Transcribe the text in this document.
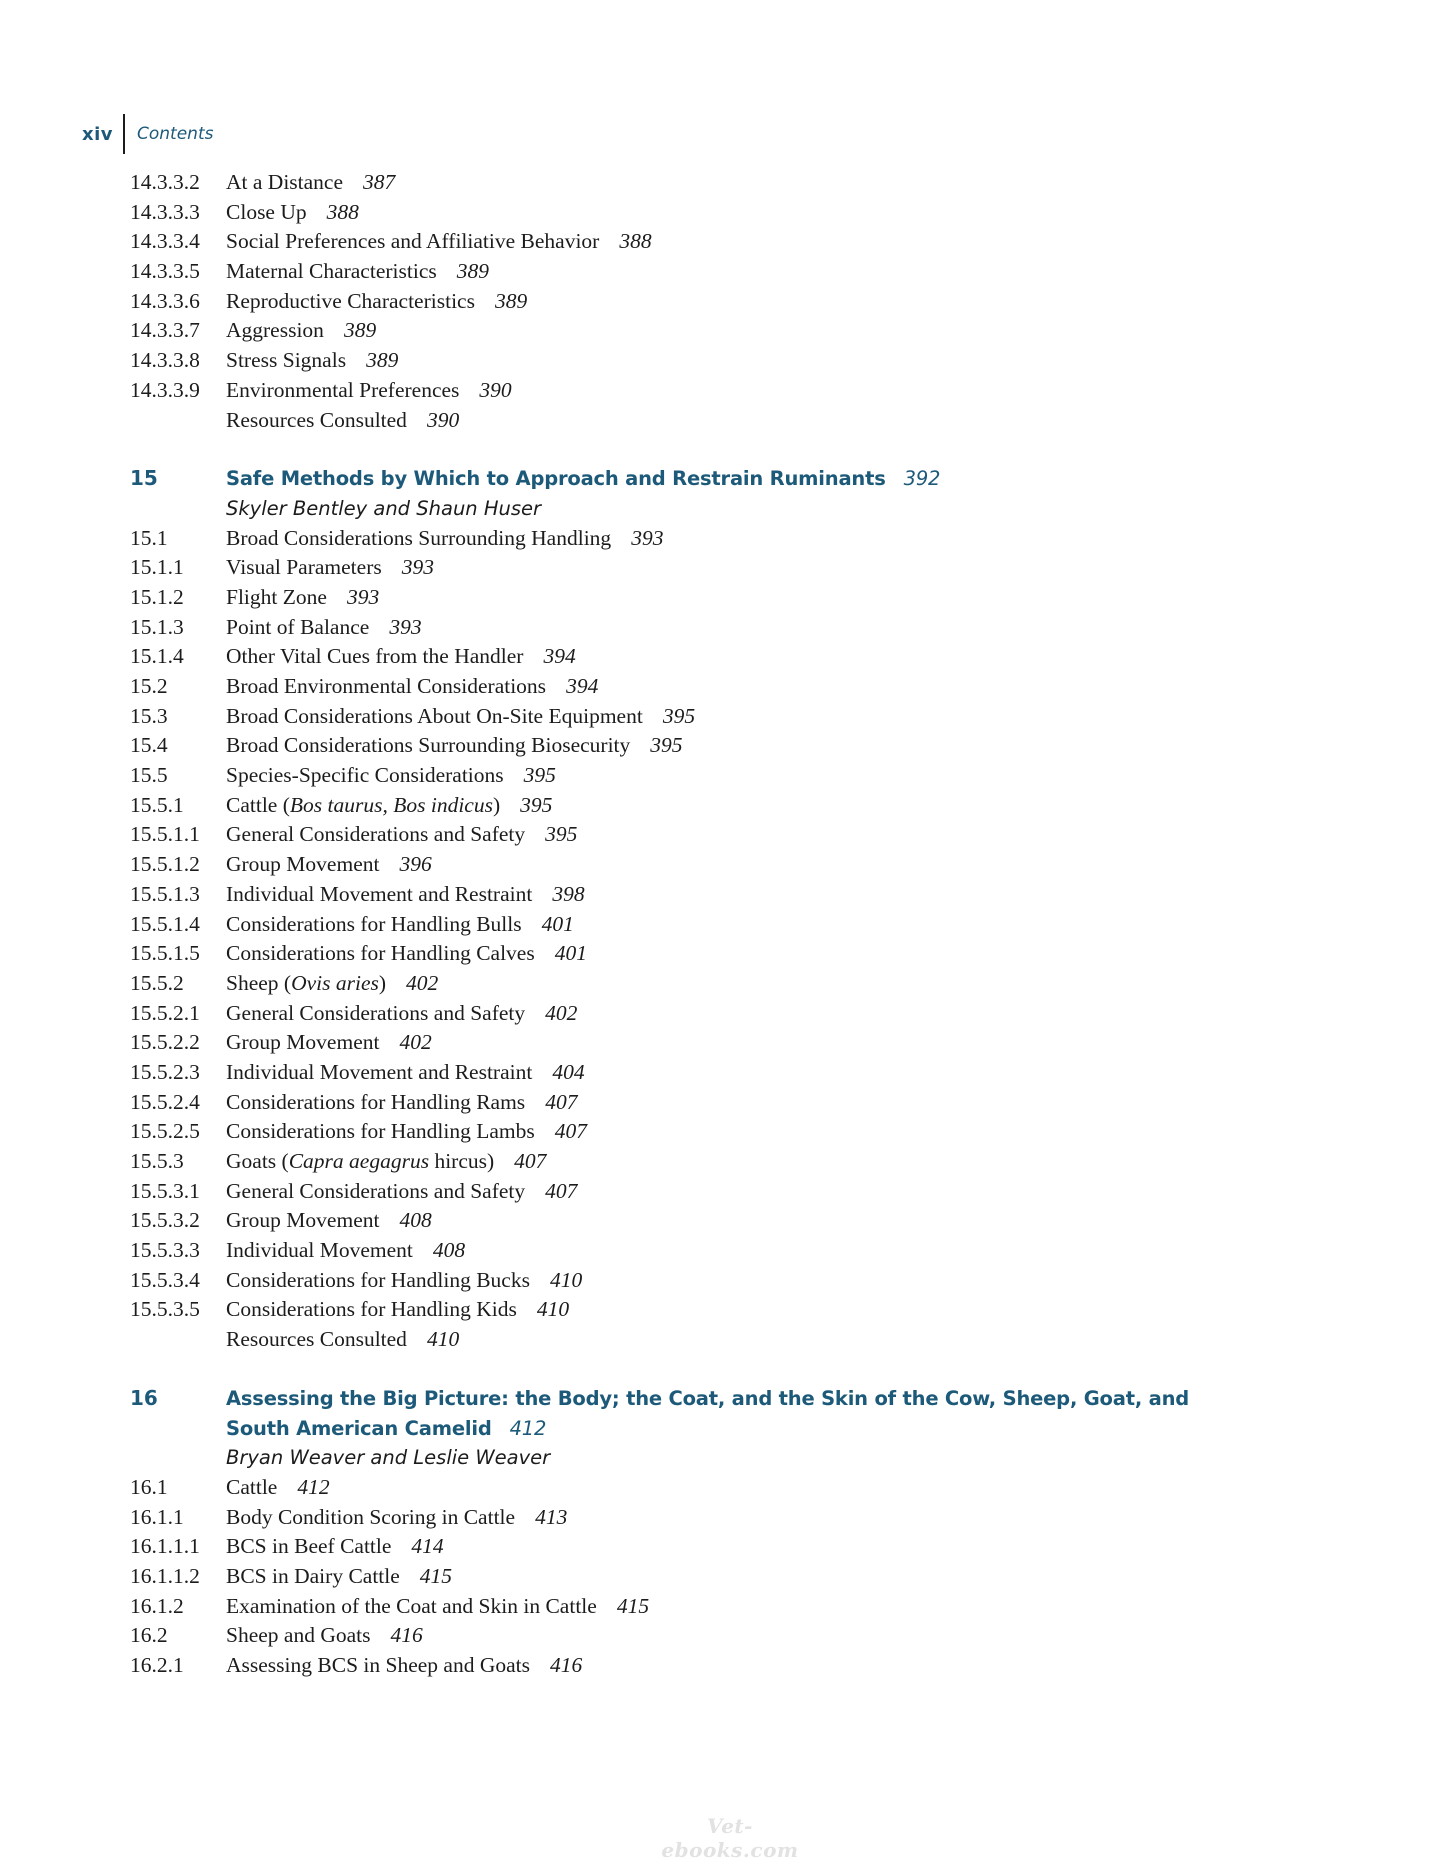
xiv Contents
14.3.3.2 At a Distance 387
14.3.3.3 Close Up 388
14.3.3.4 Social Preferences and Affiliative Behavior 388
14.3.3.5 Maternal Characteristics 389
14.3.3.6 Reproductive Characteristics 389
14.3.3.7 Aggression 389
14.3.3.8 Stress Signals 389
14.3.3.9 Environmental Preferences 390
Resources Consulted 390
15	Safe Methods by Which to Approach and Restrain Ruminants 392
Skyler Bentley and Shaun Huser
15.1	Broad Considerations Surrounding Handling 393
15.1.1 Visual Parameters 393
15.1.2 Flight Zone 393
15.1.3 Point of Balance 393
15.1.4 Other Vital Cues from the Handler 394
15.2	Broad Environmental Considerations 394
15.3	Broad Considerations About On-Site Equipment 395
15.4	Broad Considerations Surrounding Biosecurity 395
15.5	Species-Specific Considerations 395
15.5.1 Cattle (Bos taurus, Bos indicus) 395
15.5.1.1 General Considerations and Safety 395
15.5.1.2 Group Movement 396
15.5.1.3 Individual Movement and Restraint 398
15.5.1.4 Considerations for Handling Bulls 401
15.5.1.5 Considerations for Handling Calves 401
15.5.2 Sheep (Ovis aries) 402
15.5.2.1 General Considerations and Safety 402
15.5.2.2 Group Movement 402
15.5.2.3 Individual Movement and Restraint 404
15.5.2.4 Considerations for Handling Rams 407
15.5.2.5 Considerations for Handling Lambs 407
15.5.3 Goats (Capra aegagrus hircus) 407
15.5.3.1 General Considerations and Safety 407
15.5.3.2 Group Movement 408
15.5.3.3 Individual Movement 408
15.5.3.4 Considerations for Handling Bucks 410
15.5.3.5 Considerations for Handling Kids 410
Resources Consulted 410
16	Assessing the Big Picture: the Body; the Coat, and the Skin of the Cow, Sheep, Goat, and South American Camelid 412
Bryan Weaver and Leslie Weaver
16.1	Cattle 412
16.1.1 Body Condition Scoring in Cattle 413
16.1.1.1 BCS in Beef Cattle 414
16.1.1.2 BCS in Dairy Cattle 415
16.1.2 Examination of the Coat and Skin in Cattle 415
16.2	Sheep and Goats 416
16.2.1 Assessing BCS in Sheep and Goats 416
Vet-ebooks.com
